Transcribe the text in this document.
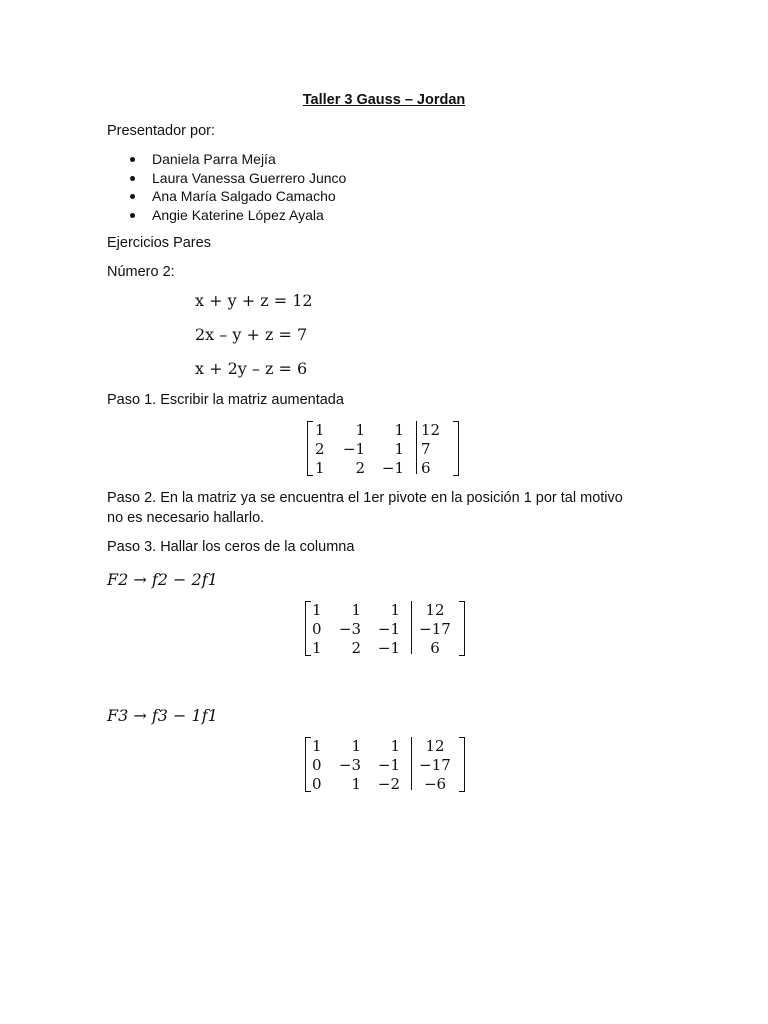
Taller 3 Gauss – Jordan
Presentador por:
Daniela Parra Mejía
Laura Vanessa Guerrero Junco
Ana María Salgado Camacho
Angie Katerine López Ayala
Ejercicios Pares
Número 2:
x + y + z = 12
2x – y + z = 7
x + 2y – z = 6
Paso 1. Escribir la matriz aumentada
1 1 1 12
2 −1 1 7
1 2 −1 6
Paso 2. En la matriz ya se encuentra el 1er pivote en la posición 1 por tal motivo
no es necesario hallarlo.
Paso 3. Hallar los ceros de la columna
F2 → f2 − 2f1
1 1 1	12
0 −3 −1	−17
1 2 −1	6
F3 → f3 − 1f1
1 1 1	12
0 −3 −1	−17
0 1 −2	−6
